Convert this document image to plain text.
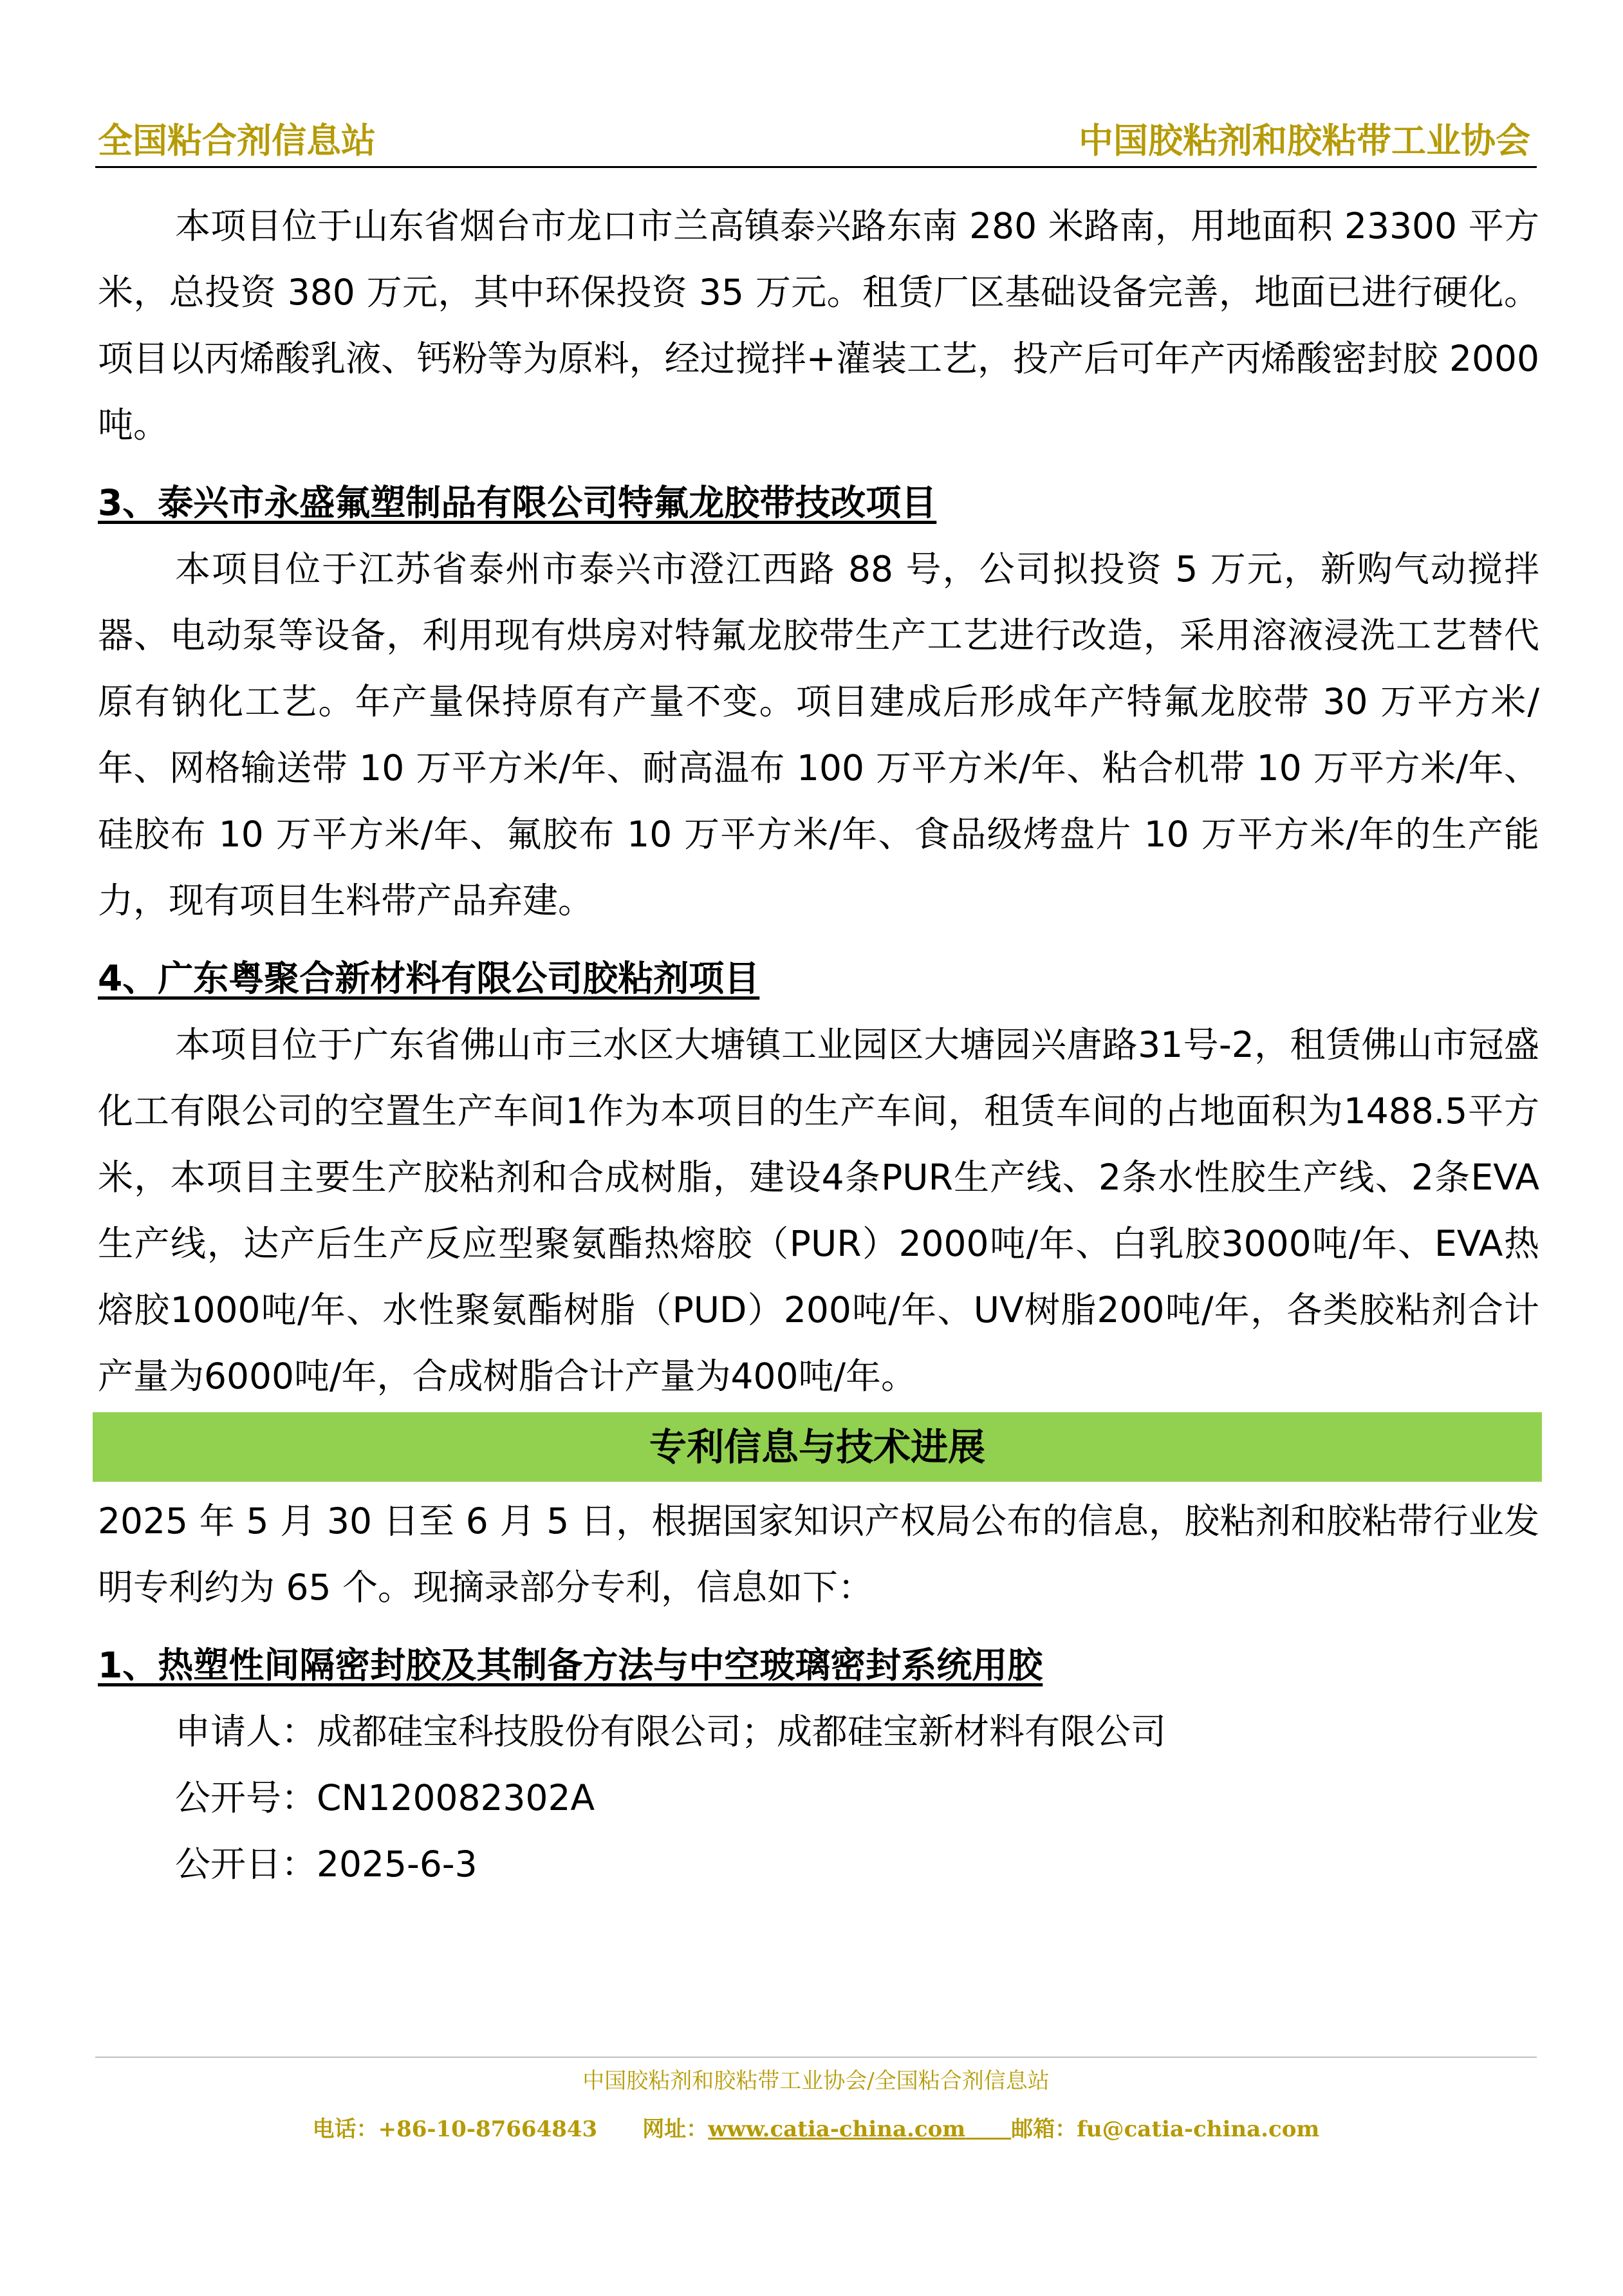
全国粘合剂信息站	中国胶粘剂和胶粘带工业协会

本项目位于山东省烟台市龙口市兰高镇泰兴路东南 280 米路南，用地面积 23300 平方米，总投资 380 万元，其中环保投资 35 万元。租赁厂区基础设备完善，地面已进行硬化。项目以丙烯酸乳液、钙粉等为原料，经过搅拌+灌装工艺，投产后可年产丙烯酸密封胶 2000 吨。

3、泰兴市永盛氟塑制品有限公司特氟龙胶带技改项目

本项目位于江苏省泰州市泰兴市澄江西路 88 号，公司拟投资 5 万元，新购气动搅拌器、电动泵等设备，利用现有烘房对特氟龙胶带生产工艺进行改造，采用溶液浸洗工艺替代原有钠化工艺。年产量保持原有产量不变。项目建成后形成年产特氟龙胶带 30 万平方米/年、网格输送带 10 万平方米/年、耐高温布 100 万平方米/年、粘合机带 10 万平方米/年、硅胶布 10 万平方米/年、氟胶布 10 万平方米/年、食品级烤盘片 10 万平方米/年的生产能力，现有项目生料带产品弃建。

4、广东粤聚合新材料有限公司胶粘剂项目

本项目位于广东省佛山市三水区大塘镇工业园区大塘园兴唐路31号-2，租赁佛山市冠盛化工有限公司的空置生产车间1作为本项目的生产车间，租赁车间的占地面积为1488.5平方米，本项目主要生产胶粘剂和合成树脂，建设4条PUR生产线、2条水性胶生产线、2条EVA生产线，达产后生产反应型聚氨酯热熔胶（PUR）2000吨/年、白乳胶3000吨/年、EVA热熔胶1000吨/年、水性聚氨酯树脂（PUD）200吨/年、UV树脂200吨/年，各类胶粘剂合计产量为6000吨/年，合成树脂合计产量为400吨/年。

专利信息与技术进展

2025 年 5 月 30 日至 6 月 5 日，根据国家知识产权局公布的信息，胶粘剂和胶粘带行业发明专利约为 65 个。现摘录部分专利，信息如下：

1、热塑性间隔密封胶及其制备方法与中空玻璃密封系统用胶

申请人：成都硅宝科技股份有限公司；成都硅宝新材料有限公司

公开号：CN120082302A

公开日：2025-6-3

中国胶粘剂和胶粘带工业协会/全国粘合剂信息站
电话：+86-10-87664843 网址：www.catia-china.com 邮箱：fu@catia-china.com
